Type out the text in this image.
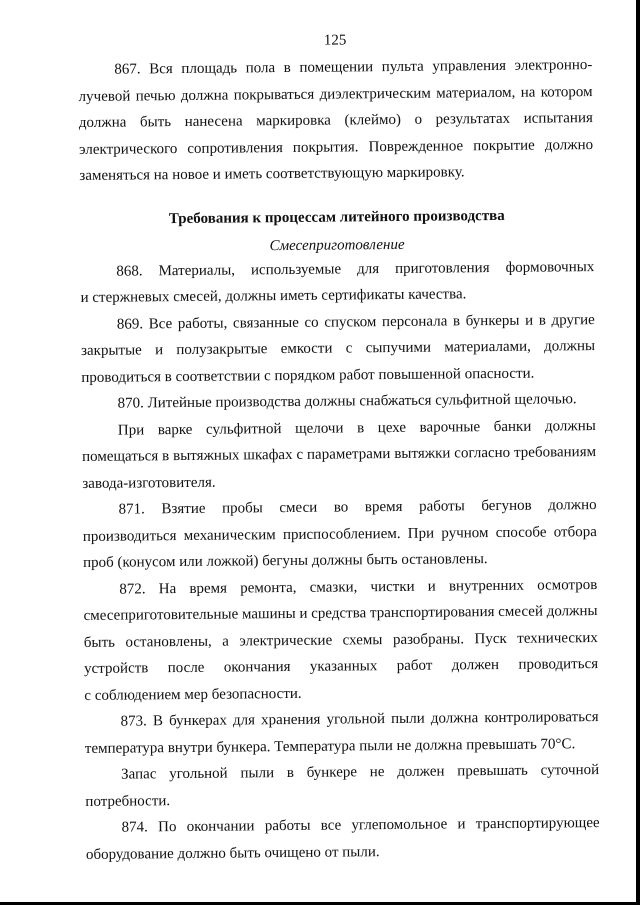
125

867. Вся площадь пола в помещении пульта управления электронно-
лучевой печью должна покрываться диэлектрическим материалом, на котором
должна быть нанесена маркировка (клеймо) о результатах испытания
электрического сопротивления покрытия. Поврежденное покрытие должно
заменяться на новое и иметь соответствующую маркировку.

Требования к процессам литейного производства
Смесеприготовление

868. Материалы, используемые для приготовления формовочных
и стержневых смесей, должны иметь сертификаты качества.

869. Все работы, связанные со спуском персонала в бункеры и в другие
закрытые и полузакрытые емкости с сыпучими материалами, должны
проводиться в соответствии с порядком работ повышенной опасности.

870. Литейные производства должны снабжаться сульфитной щелочью.

При варке сульфитной щелочи в цехе варочные банки должны
помещаться в вытяжных шкафах с параметрами вытяжки согласно требованиям
завода-изготовителя.

871. Взятие пробы смеси во время работы бегунов должно
производиться механическим приспособлением. При ручном способе отбора
проб (конусом или ложкой) бегуны должны быть остановлены.

872. На время ремонта, смазки, чистки и внутренних осмотров
смесеприготовительные машины и средства транспортирования смесей должны
быть остановлены, а электрические схемы разобраны. Пуск технических
устройств после окончания указанных работ должен проводиться
с соблюдением мер безопасности.

873. В бункерах для хранения угольной пыли должна контролироваться
температура внутри бункера. Температура пыли не должна превышать 70°С.

Запас угольной пыли в бункере не должен превышать суточной
потребности.

874. По окончании работы все углепомольное и транспортирующее
оборудование должно быть очищено от пыли.
